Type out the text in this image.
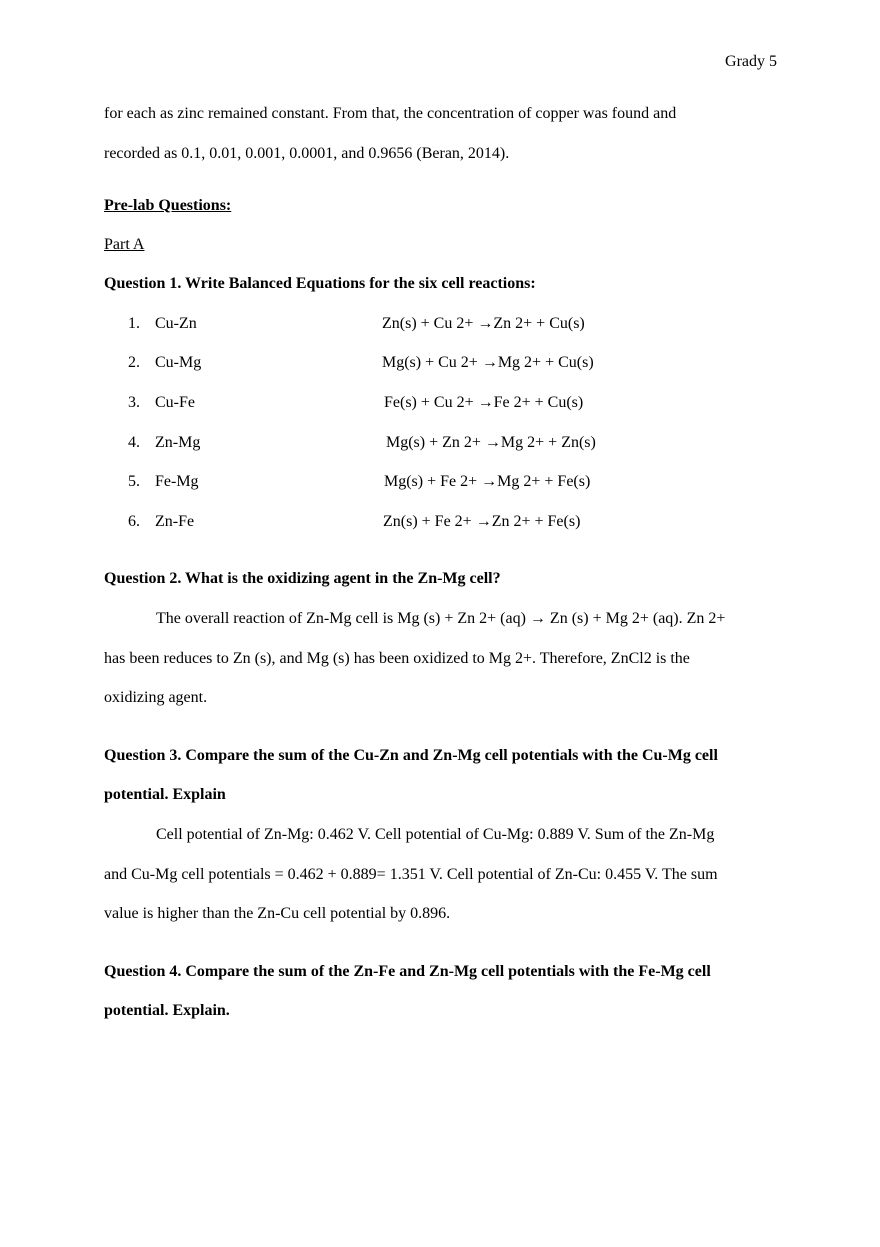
Grady 5
for each as zinc remained constant. From that, the concentration of copper was found and
recorded as 0.1, 0.01, 0.001, 0.0001, and 0.9656 (Beran, 2014).
Pre-lab Questions:
Part A
Question 1. Write Balanced Equations for the six cell reactions:
1. Cu-Zn	Zn(s) + Cu 2+ →Zn 2+ + Cu(s)
2. Cu-Mg	Mg(s) + Cu 2+ →Mg 2+ + Cu(s)
3. Cu-Fe	Fe(s) + Cu 2+ →Fe 2+ + Cu(s)
4. Zn-Mg	Mg(s) + Zn 2+ →Mg 2+ + Zn(s)
5. Fe-Mg	Mg(s) + Fe 2+ →Mg 2+ + Fe(s)
6. Zn-Fe	Zn(s) + Fe 2+ →Zn 2+ + Fe(s)
Question 2. What is the oxidizing agent in the Zn-Mg cell?
The overall reaction of Zn-Mg cell is Mg (s) + Zn 2+ (aq) → Zn (s) + Mg 2+ (aq). Zn 2+
has been reduces to Zn (s), and Mg (s) has been oxidized to Mg 2+. Therefore, ZnCl2 is the
oxidizing agent.
Question 3. Compare the sum of the Cu-Zn and Zn-Mg cell potentials with the Cu-Mg cell
potential. Explain
Cell potential of Zn-Mg: 0.462 V. Cell potential of Cu-Mg: 0.889 V. Sum of the Zn-Mg
and Cu-Mg cell potentials = 0.462 + 0.889= 1.351 V. Cell potential of Zn-Cu: 0.455 V. The sum
value is higher than the Zn-Cu cell potential by 0.896.
Question 4. Compare the sum of the Zn-Fe and Zn-Mg cell potentials with the Fe-Mg cell
potential. Explain.
